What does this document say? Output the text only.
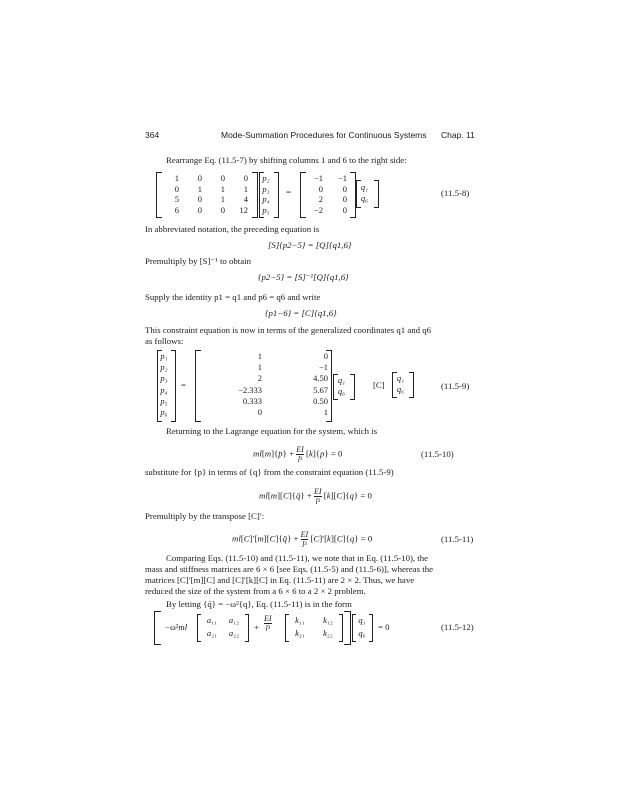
364	Mode-Summation Procedures for Continuous Systems Chap. 11
Rearrange Eq. (11.5-7) by shifting columns 1 and 6 to the right side:
1	0	0	0
0	1	1	1
5	0	1	4
6	0	0	12
p₂
p₃
p₄
p₅
=
−1	−1
0	0
2	0
−2	0
q₁
q₆	(11.5-8)
In abbreviated notation, the preceding equation is
[S]{p2−5} = [Q]{q1,6}
Premultiply by [S]⁻¹ to obtain
{p2−5} = [S]⁻¹[Q]{q1,6}
Supply the identity p1 = q1 and p6 = q6 and write
{p1−6} = [C]{q1,6}
This constraint equation is now in terms of the generalized coordinates q1 and q6
as follows:
p₁
p₂
p₃
p₄
p₅
p₆
=
1	0
1	−1
2	4.50
−2.333	5.67
0.333	0.50
0	1
q₁
q₆
[C]
q₁
q₆	(11.5-9)
Returning to the Lagrange equation for the system, which is
ml[m]{p̈} + $\frac{EI}{\text{l³}} [k]\{p\} = 0$	(11.5-10)
substitute for {p} in terms of {q} from the constraint equation (11.5-9)
ml[m][C]{q̈} + $\frac{EI}{\text{l³}} [k][C]\{q\} = 0$
Premultiply by the transpose [C]′:
ml[C]′[m][C]{q̈} + $\frac{EI}{\text{l³}} [C]'[k][C]\{q\} = 0$	(11.5-11)
Comparing Eqs. (11.5-10) and (11.5-11), we note that in Eq. (11.5-10), the
mass and stiffness matrices are 6 × 6 [see Eqs. (11.5-5) and (11.5-6)], whereas the
matrices [C]′[m][C] and [C]′[k][C] in Eq. (11.5-11) are 2 × 2. Thus, we have
reduced the size of the system from a 6 × 6 to a 2 × 2 problem.
By letting {q̈} = −ω²{q}, Eq. (11.5-11) is in the form
−ω²ml
a₁₁	a₁₂
a₂₁	a₂₂
+ $\frac{EI}{\text{l³}}$	k₁₁	k₁₂
k₂₁	k₂₂
q₁
q₆
= 0	(11.5-12)
